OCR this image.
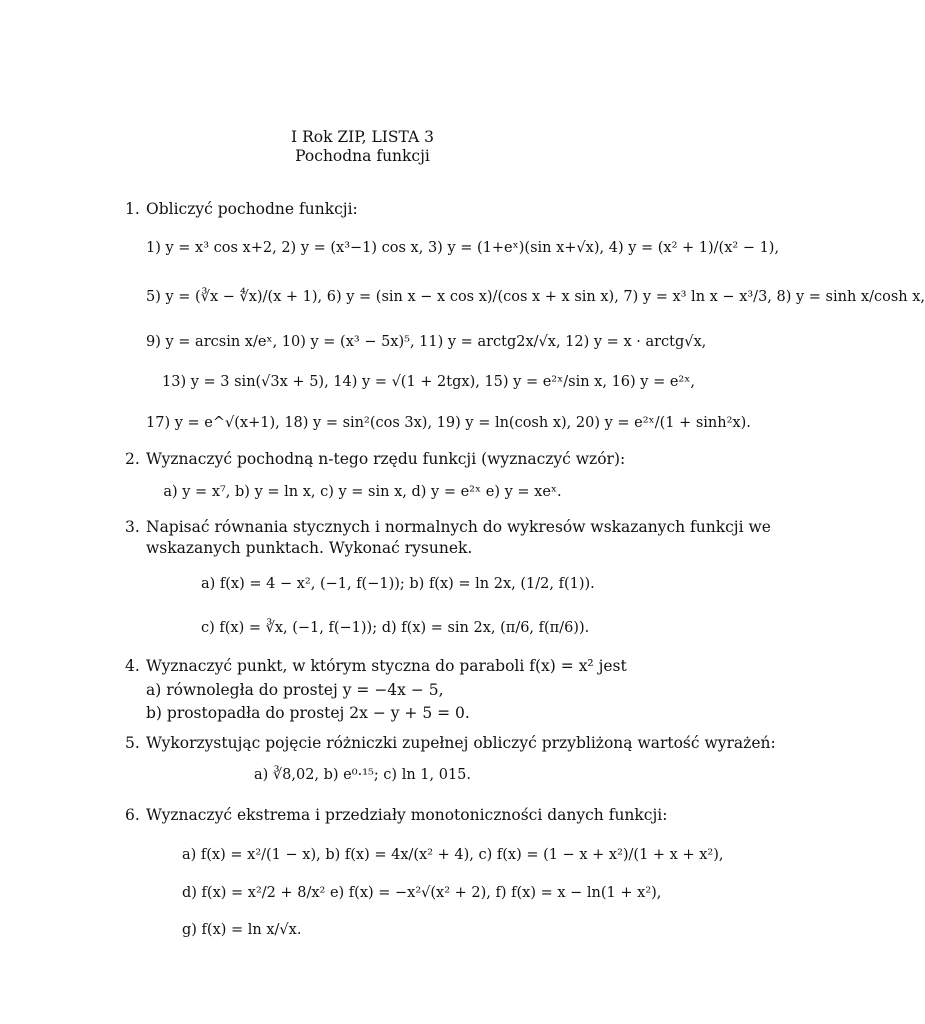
I Rok ZIP, LISTA 3
Pochodna funkcji
1. Obliczyć pochodne funkcji:
1) y = x³ cos x+2, 2) y = (x³−1) cos x, 3) y = (1+eˣ)(sin x+√x), 4) y = (x² + 1)/(x² − 1),
5) y = (∛x − ∜x)/(x + 1), 6) y = (sin x − x cos x)/(cos x + x sin x), 7) y = x³ ln x − x³/3, 8) y = sinh x/cosh x,
9) y = arcsin x/eˣ, 10) y = (x³ − 5x)⁵, 11) y = arctg2x/√x, 12) y = x · arctg√x,
13) y = 3 sin(√3x + 5), 14) y = √(1 + 2tgx), 15) y = e²ˣ/sin x, 16) y = e²ˣ,
17) y = e^√(x+1), 18) y = sin²(cos 3x), 19) y = ln(cosh x), 20) y = e²ˣ/(1 + sinh²x).
2. Wyznaczyć pochodną n-tego rzędu funkcji (wyznaczyć wzór):
a) y = x⁷, b) y = ln x, c) y = sin x, d) y = e²ˣ e) y = xeˣ.
3. Napisać równania stycznych i normalnych do wykresów wskazanych funkcji we
wskazanych punktach. Wykonać rysunek.
a) f(x) = 4 − x², (−1, f(−1)); b) f(x) = ln 2x, (1/2, f(1)).
c) f(x) = ∛x, (−1, f(−1)); d) f(x) = sin 2x, (π/6, f(π/6)).
4. Wyznaczyć punkt, w którym styczna do paraboli f(x) = x² jest
a) równoległa do prostej y = −4x − 5,
b) prostopadła do prostej 2x − y + 5 = 0.
5. Wykorzystując pojęcie różniczki zupełnej obliczyć przybliżoną wartość wyrażeń:
a) ∛8,02, b) e⁰·¹⁵; c) ln 1, 015.
6. Wyznaczyć ekstrema i przedziały monotoniczności danych funkcji:
a) f(x) = x²/(1 − x), b) f(x) = 4x/(x² + 4), c) f(x) = (1 − x + x²)/(1 + x + x²),
d) f(x) = x²/2 + 8/x² e) f(x) = −x²√(x² + 2), f) f(x) = x − ln(1 + x²),
g) f(x) = ln x/√x.
